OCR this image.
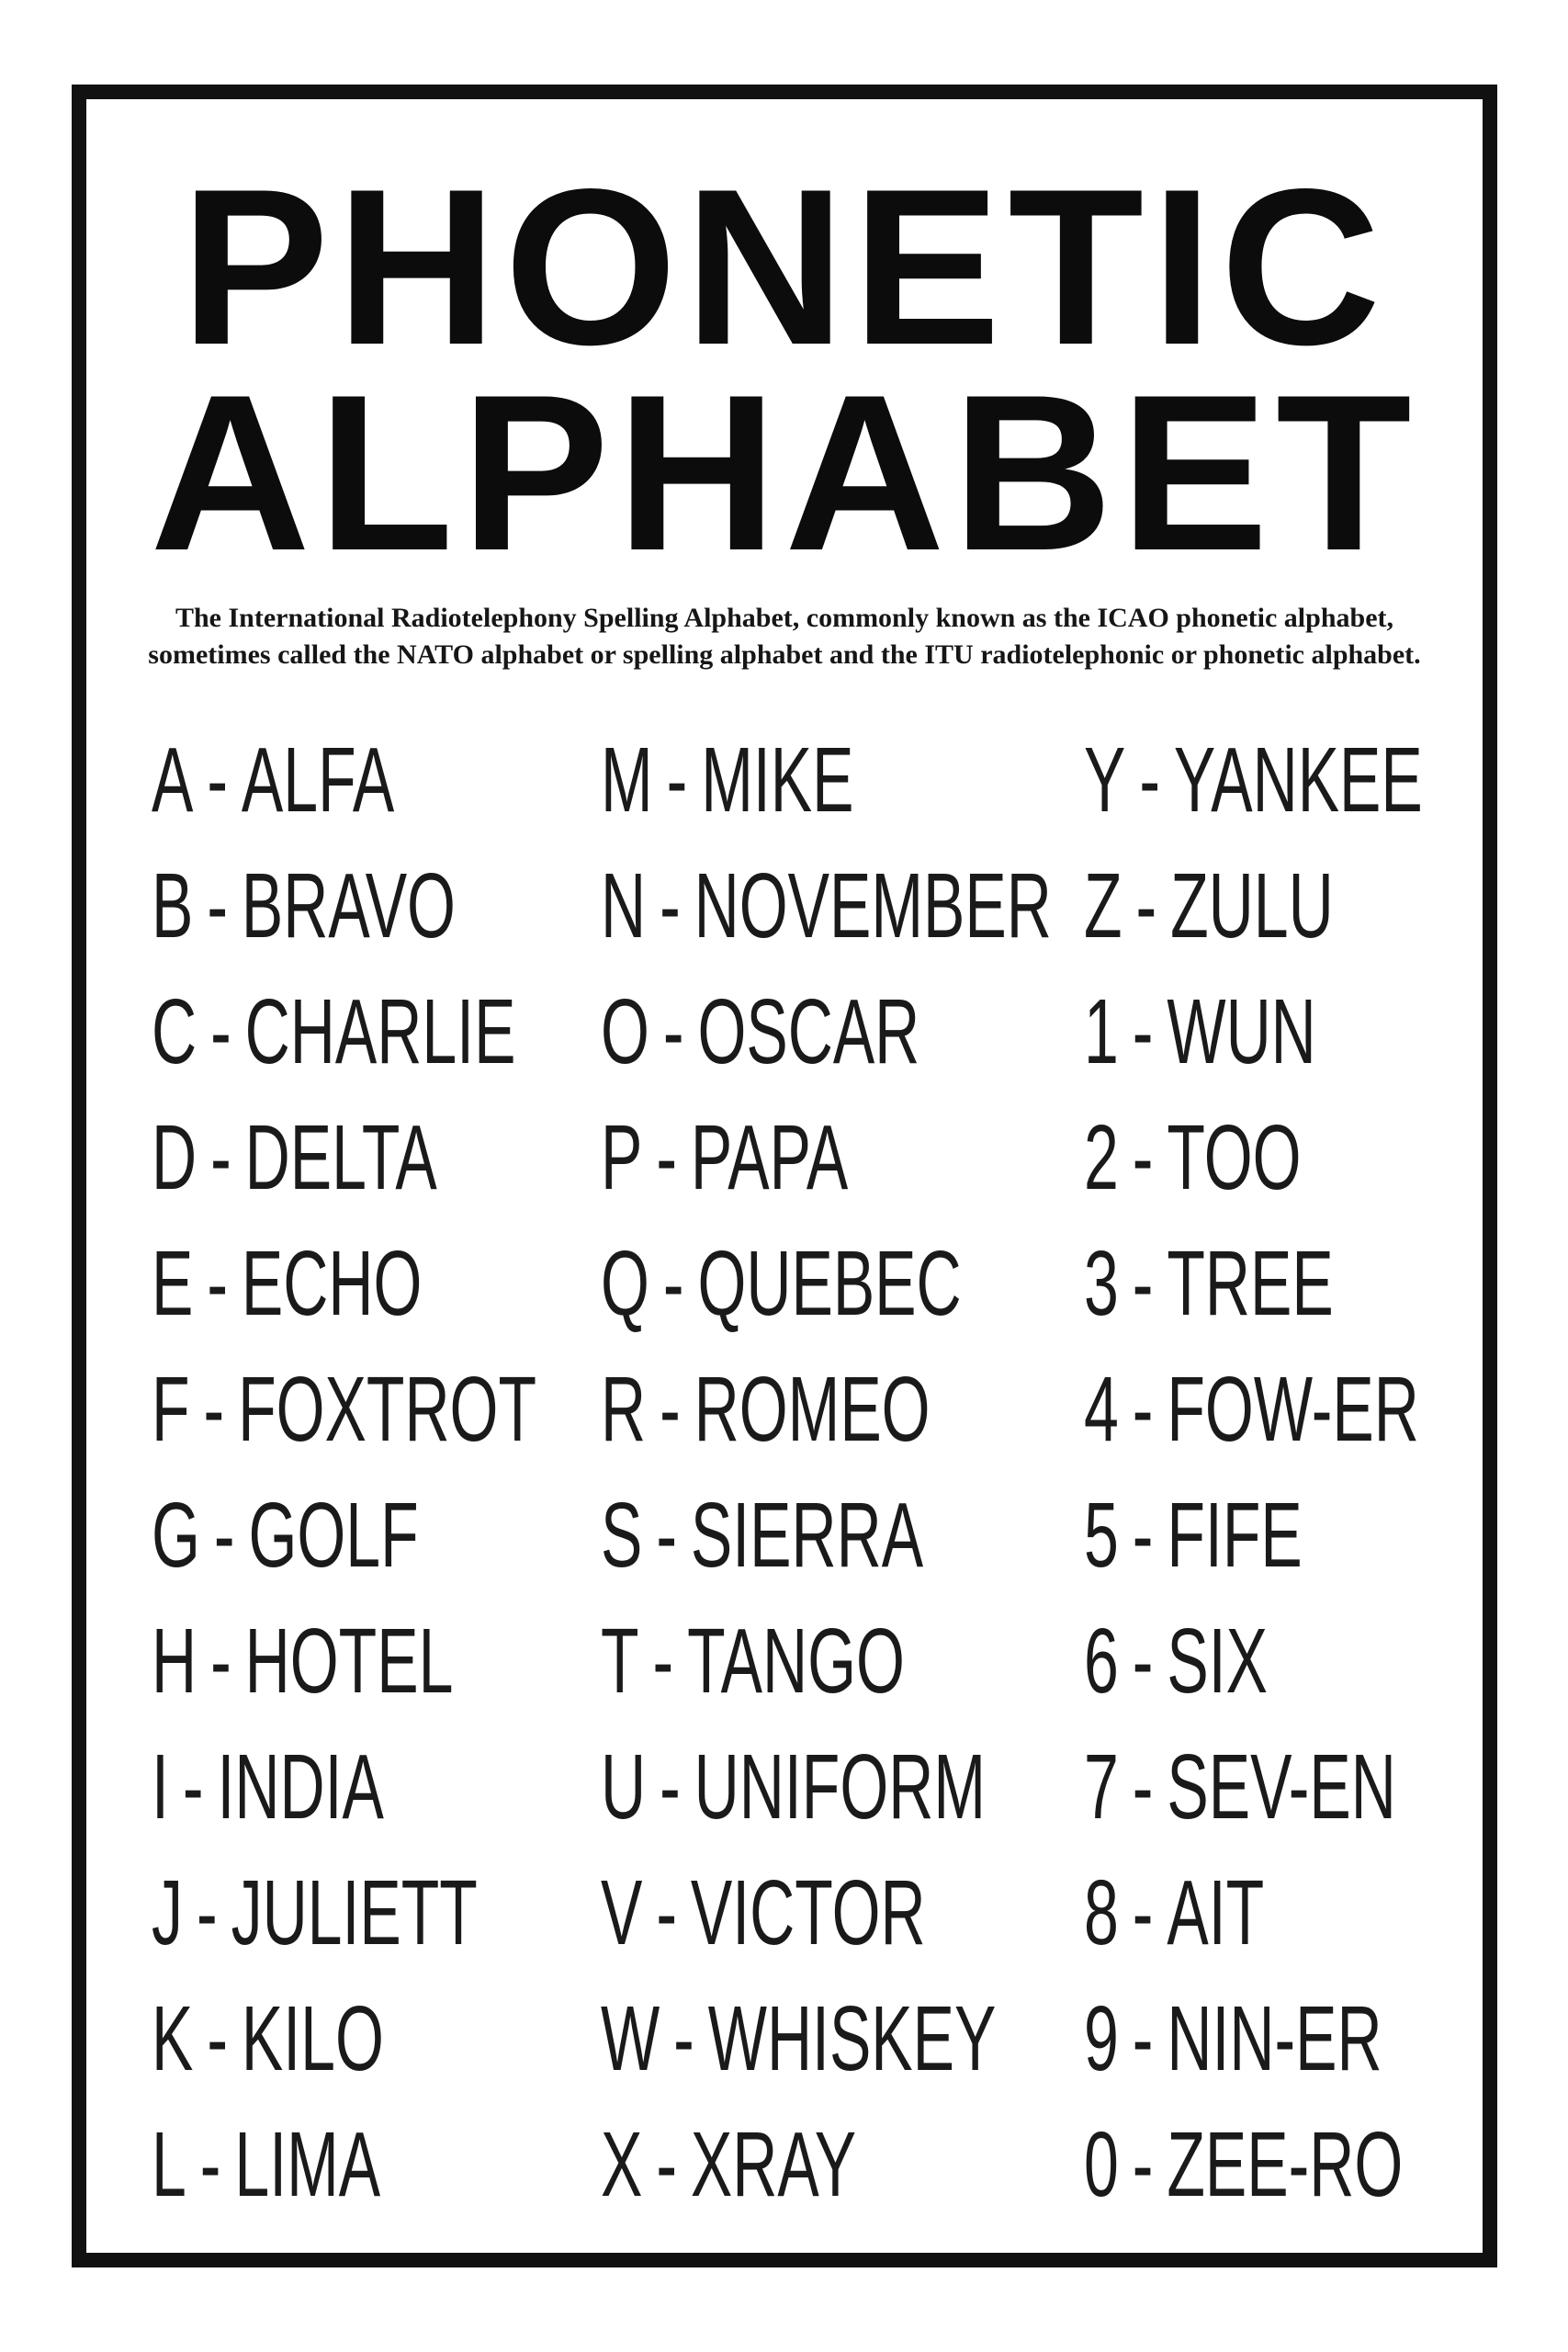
PHONETIC
ALPHABET
The International Radiotelephony Spelling Alphabet, commonly known as the ICAO phonetic alphabet,
sometimes called the NATO alphabet or spelling alphabet and the ITU radiotelephonic or phonetic alphabet.
A - ALFA
B - BRAVO
C - CHARLIE
D - DELTA
E - ECHO
F - FOXTROT
G - GOLF
H - HOTEL
I - INDIA
J - JULIETT
K - KILO
L - LIMA
M - MIKE
N - NOVEMBER
O - OSCAR
P - PAPA
Q - QUEBEC
R - ROMEO
S - SIERRA
T - TANGO
U - UNIFORM
V - VICTOR
W - WHISKEY
X - XRAY
Y - YANKEE
Z - ZULU
1 - WUN
2 - TOO
3 - TREE
4 - FOW-ER
5 - FIFE
6 - SIX
7 - SEV-EN
8 - AIT
9 - NIN-ER
0 - ZEE-RO
